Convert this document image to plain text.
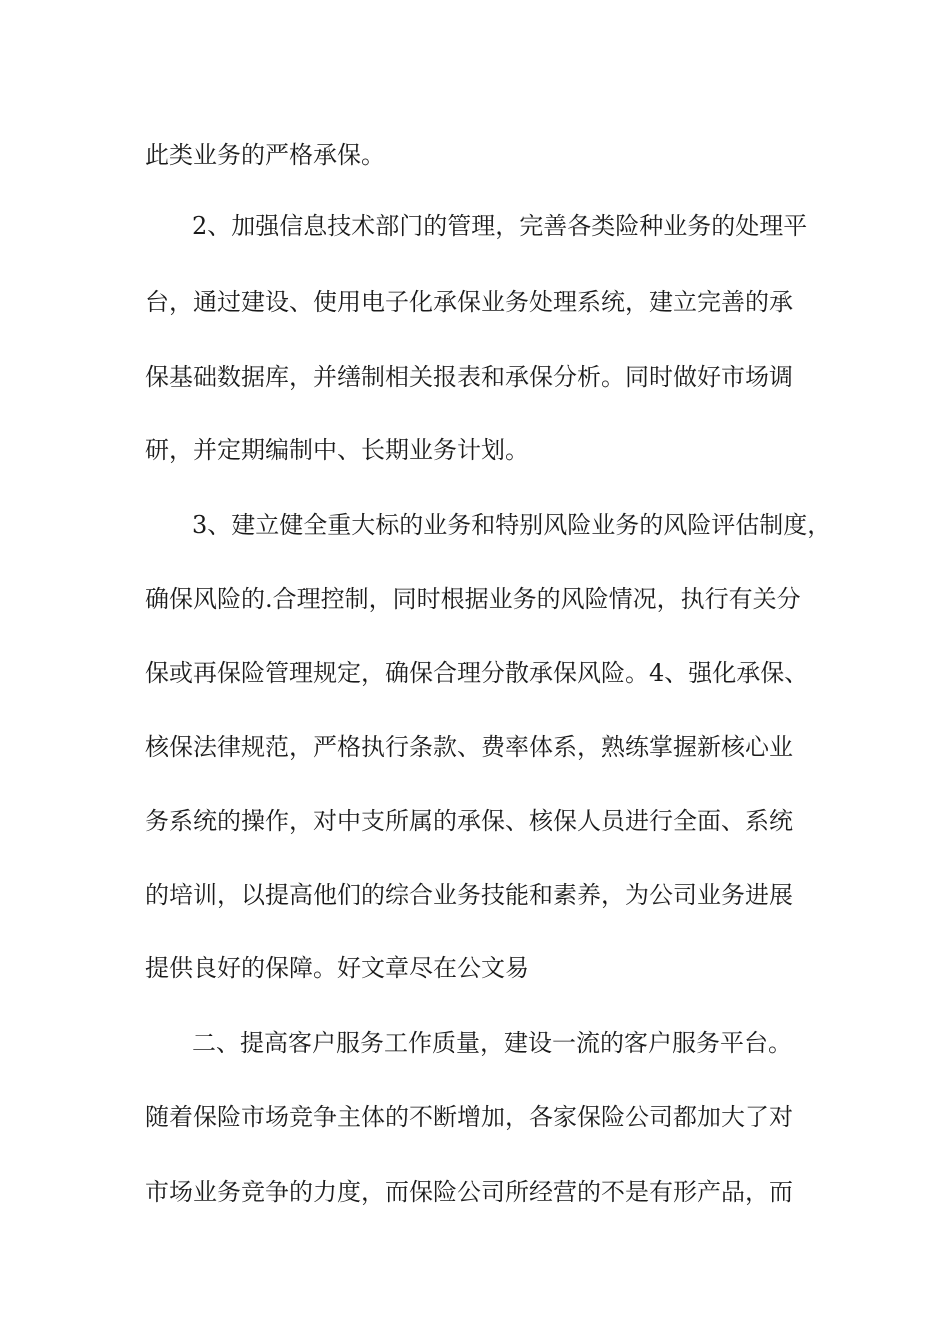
此类业务的严格承保。

2、加强信息技术部门的管理，完善各类险种业务的处理平

台，通过建设、使用电子化承保业务处理系统，建立完善的承

保基础数据库，并缮制相关报表和承保分析。同时做好市场调

研，并定期编制中、长期业务计划。

3、建立健全重大标的业务和特别风险业务的风险评估制度，

确保风险的.合理控制，同时根据业务的风险情况，执行有关分

保或再保险管理规定，确保合理分散承保风险。4、强化承保、

核保法律规范，严格执行条款、费率体系，熟练掌握新核心业

务系统的操作，对中支所属的承保、核保人员进行全面、系统

的培训，以提高他们的综合业务技能和素养，为公司业务进展

提供良好的保障。好文章尽在公文易

二、提高客户服务工作质量，建设一流的客户服务平台。

随着保险市场竞争主体的不断增加，各家保险公司都加大了对

市场业务竞争的力度，而保险公司所经营的不是有形产品，而
